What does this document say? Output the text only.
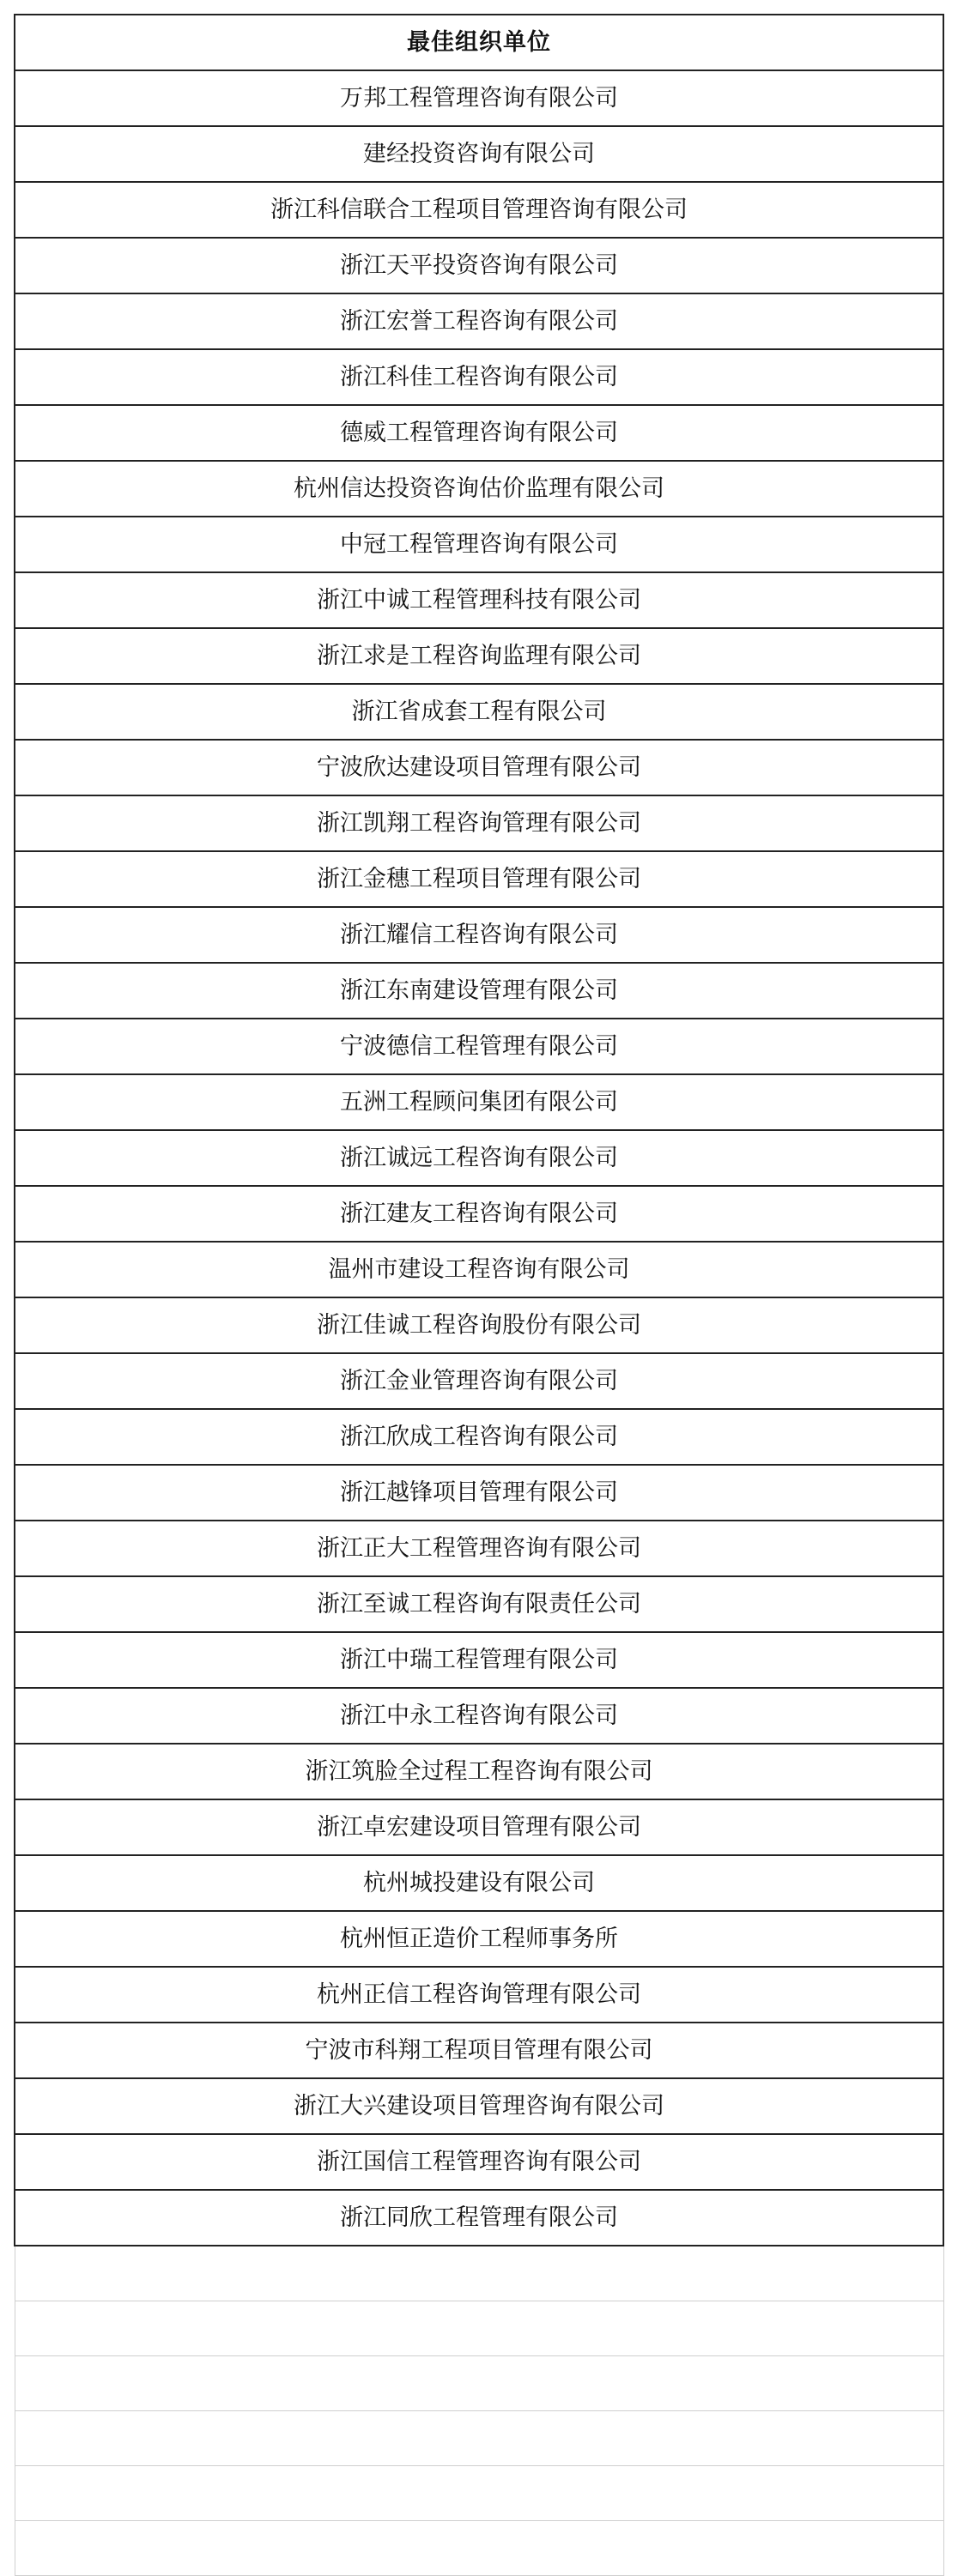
最佳组织单位
万邦工程管理咨询有限公司
建经投资咨询有限公司
浙江科信联合工程项目管理咨询有限公司
浙江天平投资咨询有限公司
浙江宏誉工程咨询有限公司
浙江科佳工程咨询有限公司
德威工程管理咨询有限公司
杭州信达投资咨询估价监理有限公司
中冠工程管理咨询有限公司
浙江中诚工程管理科技有限公司
浙江求是工程咨询监理有限公司
浙江省成套工程有限公司
宁波欣达建设项目管理有限公司
浙江凯翔工程咨询管理有限公司
浙江金穗工程项目管理有限公司
浙江耀信工程咨询有限公司
浙江东南建设管理有限公司
宁波德信工程管理有限公司
五洲工程顾问集团有限公司
浙江诚远工程咨询有限公司
浙江建友工程咨询有限公司
温州市建设工程咨询有限公司
浙江佳诚工程咨询股份有限公司
浙江金业管理咨询有限公司
浙江欣成工程咨询有限公司
浙江越锋项目管理有限公司
浙江正大工程管理咨询有限公司
浙江至诚工程咨询有限责任公司
浙江中瑞工程管理有限公司
浙江中永工程咨询有限公司
浙江筑脸全过程工程咨询有限公司
浙江卓宏建设项目管理有限公司
杭州城投建设有限公司
杭州恒正造价工程师事务所
杭州正信工程咨询管理有限公司
宁波市科翔工程项目管理有限公司
浙江大兴建设项目管理咨询有限公司
浙江国信工程管理咨询有限公司
浙江同欣工程管理有限公司
